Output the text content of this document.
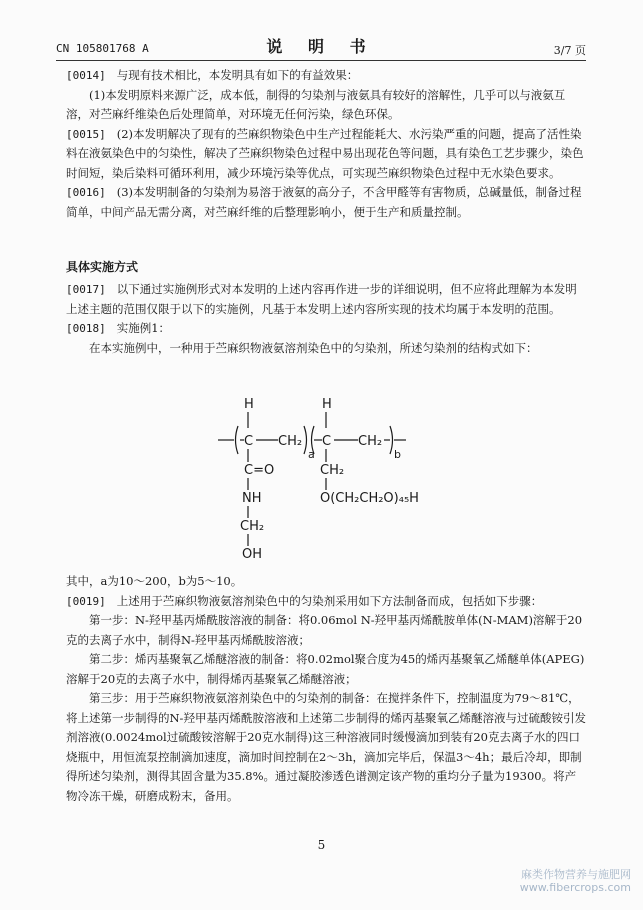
CN 105801768 A	说 明 书	3/7 页

[0014] 与现有技术相比，本发明具有如下的有益效果：

(1)本发明原料来源广泛，成本低，制得的匀染剂与液氨具有较好的溶解性，几乎可以与液氨互溶，对苎麻纤维染色后处理简单，对环境无任何污染，绿色环保。

[0015] (2)本发明解决了现有的苎麻织物染色中生产过程能耗大、水污染严重的问题，提高了活性染料在液氨染色中的匀染性，解决了苎麻织物染色过程中易出现花色等问题，具有染色工艺步骤少，染色时间短，染后染料可循环利用，减少环境污染等优点，可实现苎麻织物染色过程中无水染色要求。

[0016] (3)本发明制备的匀染剂为易溶于液氨的高分子，不含甲醛等有害物质，总碱量低，制备过程简单，中间产品无需分离，对苎麻纤维的后整理影响小，便于生产和质量控制。

具体实施方式

[0017] 以下通过实施例形式对本发明的上述内容再作进一步的详细说明，但不应将此理解为本发明上述主题的范围仅限于以下的实施例，凡基于本发明上述内容所实现的技术均属于本发明的范围。

[0018] 实施例1：

在本实施例中，一种用于苎麻织物液氨溶剂染色中的匀染剂，所述匀染剂的结构式如下：

H
C CH₂
a
H
C CH₂
b
C=O
NH
CH₂
OH
CH₂
O(CH₂CH₂O)₄₅H

其中，a为10～200，b为5～10。

[0019] 上述用于苎麻织物液氨溶剂染色中的匀染剂采用如下方法制备而成，包括如下步骤：

第一步：N-羟甲基丙烯酰胺溶液的制备：将0.06mol N-羟甲基丙烯酰胺单体(N-MAM)溶解于20克的去离子水中，制得N-羟甲基丙烯酰胺溶液；

第二步：烯丙基聚氧乙烯醚溶液的制备：将0.02mol聚合度为45的烯丙基聚氧乙烯醚单体(APEG)溶解于20克的去离子水中，制得烯丙基聚氧乙烯醚溶液；

第三步：用于苎麻织物液氨溶剂染色中的匀染剂的制备：在搅拌条件下，控制温度为79～81℃，将上述第一步制得的N-羟甲基丙烯酰胺溶液和上述第二步制得的烯丙基聚氧乙烯醚溶液与过硫酸铵引发剂溶液(0.0024mol过硫酸铵溶解于20克水制得)这三种溶液同时缓慢滴加到装有20克去离子水的四口烧瓶中，用恒流泵控制滴加速度，滴加时间控制在2～3h，滴加完毕后，保温3～4h；最后冷却，即制得所述匀染剂，测得其固含量为35.8%。通过凝胶渗透色谱测定该产物的重均分子量为19300。将产物冷冻干燥，研磨成粉末，备用。

5
麻类作物营养与施肥网
www.fibercrops.com
